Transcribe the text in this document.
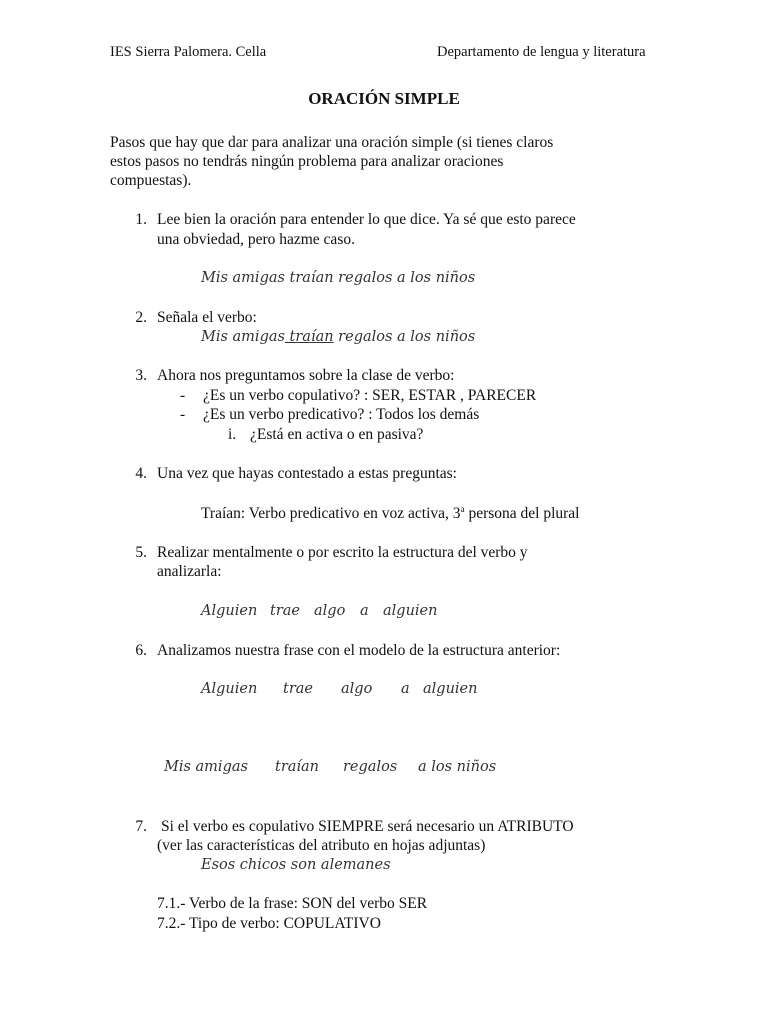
IES Sierra Palomera. Cella	Departamento de lengua y literatura
ORACIÓN SIMPLE
Pasos que hay que dar para analizar una oración simple (si tienes claros
estos pasos no tendrás ningún problema para analizar oraciones
compuestas).
1. Lee bien la oración para entender lo que dice. Ya sé que esto parece
una obviedad, pero hazme caso.
Mis amigas traían regalos a los niños
2. Señala el verbo:
Mis amigas traían regalos a los niños
3. Ahora nos preguntamos sobre la clase de verbo:
- ¿Es un verbo copulativo? : SER, ESTAR , PARECER
- ¿Es un verbo predicativo? : Todos los demás
i. ¿Está en activa o en pasiva?
4. Una vez que hayas contestado a estas preguntas:
Traían: Verbo predicativo en voz activa, 3$^a$ persona del plural
5. Realizar mentalmente o por escrito la estructura del verbo y
analizarla:
Alguien trae algo a alguien
6. Analizamos nuestra frase con el modelo de la estructura anterior:
Alguien trae algo a alguien
Mis amigas traían regalos a los niños
7. Si el verbo es copulativo SIEMPRE será necesario un ATRIBUTO
(ver las características del atributo en hojas adjuntas)
Esos chicos son alemanes
7.1.- Verbo de la frase: SON del verbo SER
7.2.- Tipo de verbo: COPULATIVO
